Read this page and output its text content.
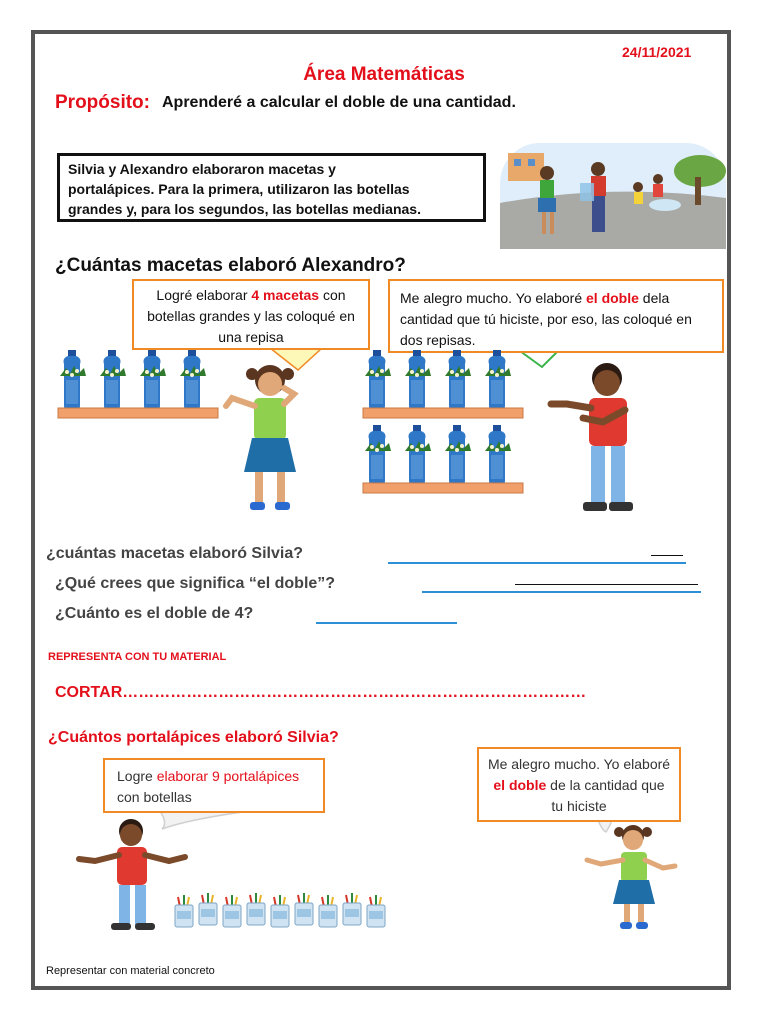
24/11/2021
Área Matemáticas
Propósito: Aprenderé a calcular el doble de una cantidad.
Silvia y Alexandro elaboraron macetas y
portalápices. Para la primera, utilizaron las botellas
grandes y, para los segundos, las botellas medianas.
¿Cuántas macetas elaboró Alexandro?
Logré elaborar 4 macetas con botellas grandes y las coloqué en una repisa
Me alegro mucho. Yo elaboré el doble dela cantidad que tú hiciste, por eso, las coloqué en dos repisas.
¿cuántas macetas elaboró Silvia?
¿Qué crees que significa “el doble”?
¿Cuánto es el doble de 4?
REPRESENTA CON TU MATERIAL
CORTAR……………………………………………………………………………
¿Cuántos portalápices elaboró Silvia?
Logre elaborar 9 portalápices con botellas
Me alegro mucho. Yo elaboré el doble de la cantidad que tu hiciste
Representar con material concreto
